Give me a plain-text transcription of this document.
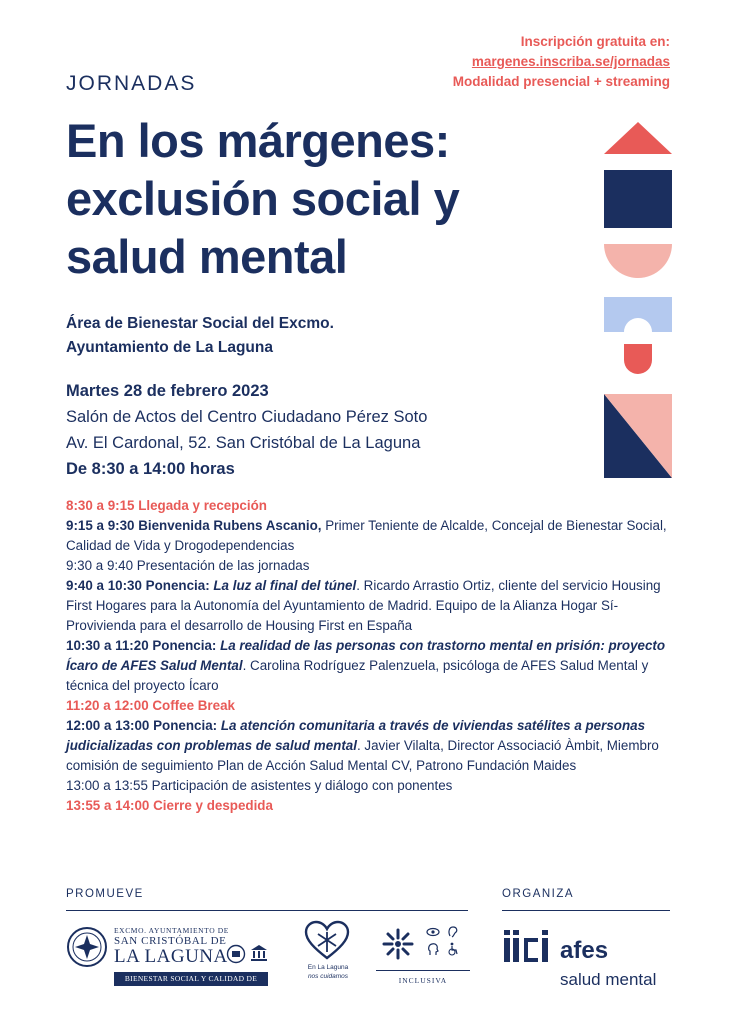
Inscripción gratuita en:
margenes.inscriba.se/jornadas
Modalidad presencial + streaming
JORNADAS
En los márgenes:
exclusión social y
salud mental
Área de Bienestar Social del Excmo.
Ayuntamiento de La Laguna
Martes 28 de febrero 2023
Salón de Actos del Centro Ciudadano Pérez Soto
Av. El Cardonal, 52. San Cristóbal de La Laguna
De 8:30 a 14:00 horas

8:30 a 9:15 Llegada y recepción

9:15 a 9:30 Bienvenida Rubens Ascanio, Primer Teniente de Alcalde, Concejal de Bienestar Social, Calidad de Vida y Drogodependencias

9:30 a 9:40 Presentación de las jornadas

9:40 a 10:30 Ponencia: La luz al final del túnel. Ricardo Arrastio Ortiz, cliente del servicio Housing First Hogares para la Autonomía del Ayuntamiento de Madrid. Equipo de la Alianza Hogar Sí-Provivienda para el desarrollo de Housing First en España

10:30 a 11:20 Ponencia: La realidad de las personas con trastorno mental en prisión: proyecto Ícaro de AFES Salud Mental. Carolina Rodríguez Palenzuela, psicóloga de AFES Salud Mental y técnica del proyecto Ícaro

11:20 a 12:00 Coffee Break

12:00 a 13:00 Ponencia: La atención comunitaria a través de viviendas satélites a personas judicializadas con problemas de salud mental. Javier Vilalta, Director Associació Àmbit, Miembro comisión de seguimiento Plan de Acción Salud Mental CV, Patrono Fundación Maides

13:00 a 13:55 Participación de asistentes y diálogo con ponentes

13:55 a 14:00 Cierre y despedida

PROMUEVE	ORGANIZA
EXCMO. AYUNTAMIENTO DE
SAN CRISTÓBAL DE
LA LAGUNA
BIENESTAR SOCIAL Y CALIDAD DE VIDA
En La Laguna
nos cuidamos	INCLUSIVA
afes
salud mental
